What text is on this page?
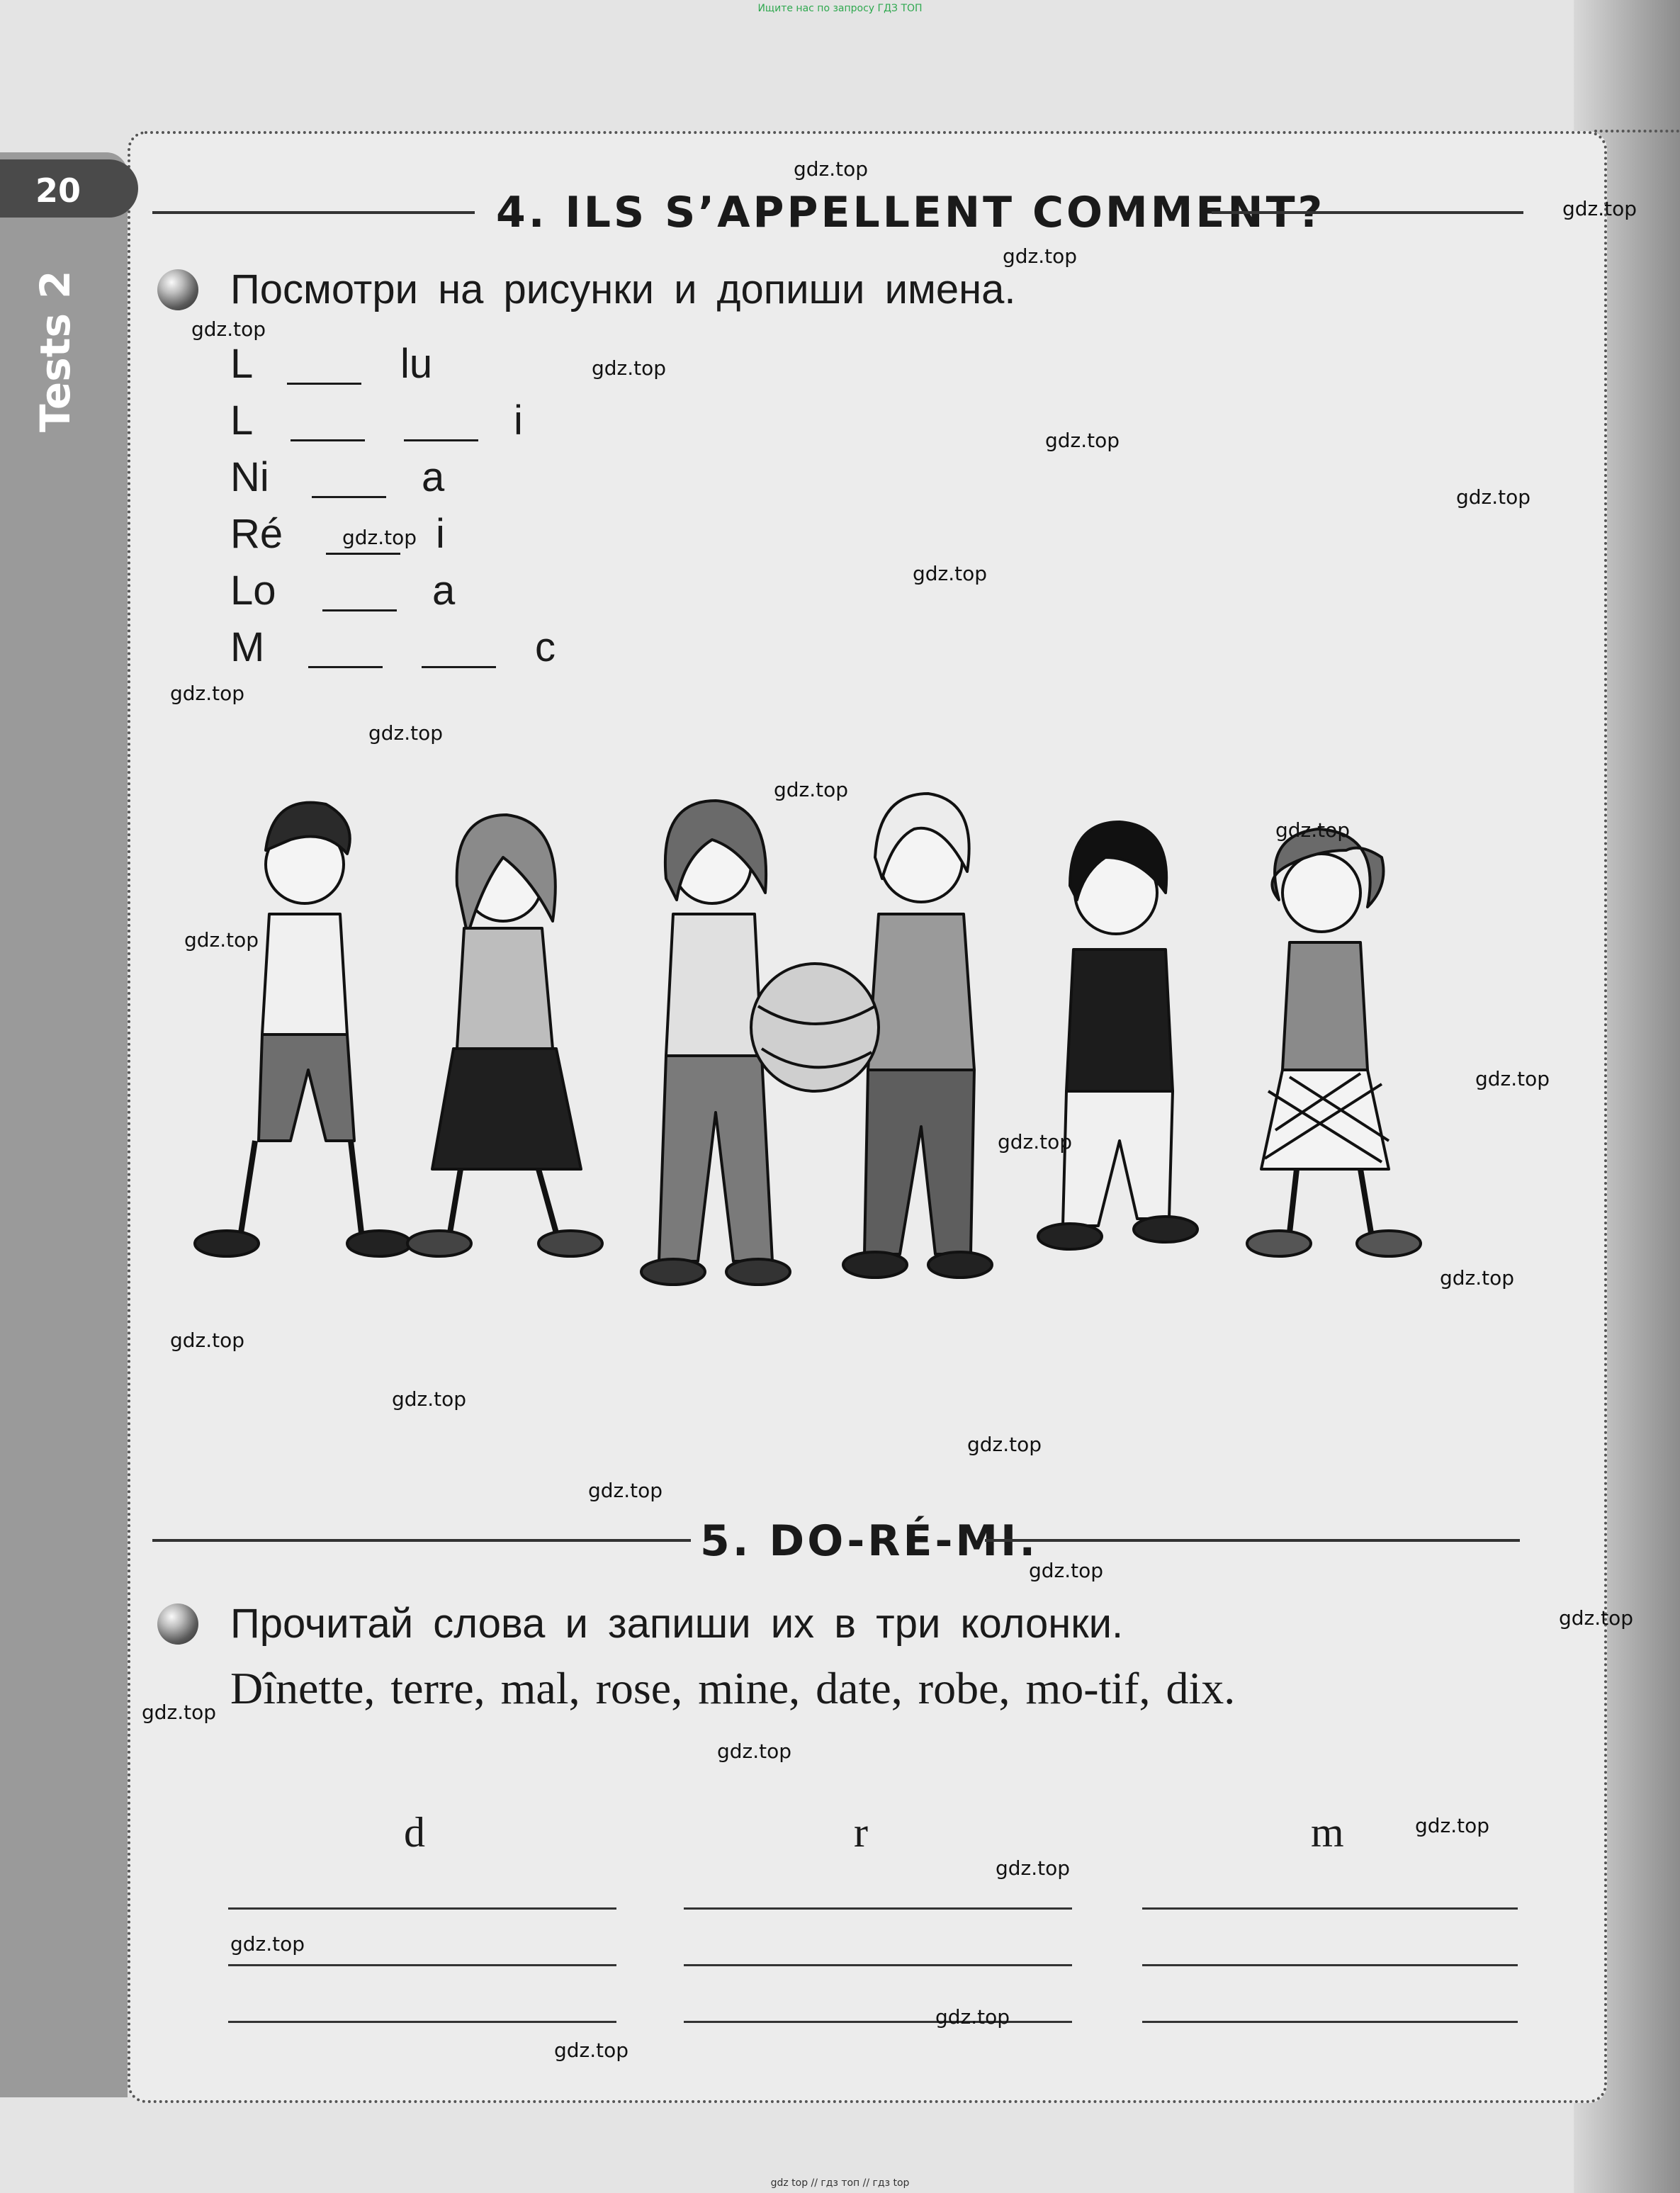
Ищите нас по запросу ГДЗ ТОП
20
Tests 2
4. ILS S’APPELLENT COMMENT?
Посмотри на рисунки и допиши имена.
L	lu
L	i
Ni	a
Ré	i
Lo	a
M	c
5. DO-RÉ-MI.
Прочитай слова и запиши их в три колонки.
Dînette, terre, mal, rose, mine, date, robe, mo-tif, dix.
d	r	m
gdz.top
gdz.top
gdz.top
gdz.top
gdz.top
gdz.top
gdz.top
gdz.top
gdz.top
gdz.top
gdz.top
gdz.top
gdz.top
gdz.top
gdz.top
gdz.top
gdz.top
gdz.top
gdz.top
gdz.top
gdz.top
gdz.top
gdz.top
gdz.top
gdz.top
gdz.top
gdz.top
gdz.top
gdz.top
gdz.top
gdz top // гдз топ // гдз top
